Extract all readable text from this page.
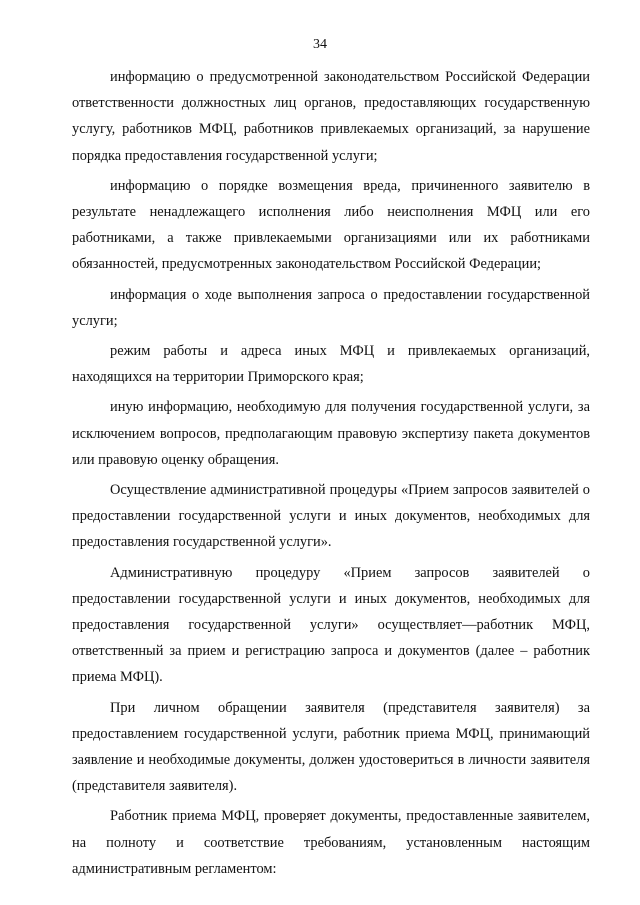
34

информацию о предусмотренной законодательством Российской Федерации ответственности должностных лиц органов, предоставляющих государственную услугу, работников МФЦ, работников привлекаемых организаций, за нарушение порядка предоставления государственной услуги;

информацию о порядке возмещения вреда, причиненного заявителю в результате ненадлежащего исполнения либо неисполнения МФЦ или его работниками, а также привлекаемыми организациями или их работниками обязанностей, предусмотренных законодательством Российской Федерации;

информация о ходе выполнения запроса о предоставлении государственной услуги;

режим работы и адреса иных МФЦ и привлекаемых организаций, находящихся на территории Приморского края;

иную информацию, необходимую для получения государственной услуги, за исключением вопросов, предполагающим правовую экспертизу пакета документов или правовую оценку обращения.

Осуществление административной процедуры «Прием запросов заявителей о предоставлении государственной услуги и иных документов, необходимых для предоставления государственной услуги».

Административную процедуру «Прием запросов заявителей о предоставлении государственной услуги и иных документов, необходимых для предоставления государственной услуги» осуществляет—работник МФЦ, ответственный за прием и регистрацию запроса и документов (далее – работник приема МФЦ).

При личном обращении заявителя (представителя заявителя) за предоставлением государственной услуги, работник приема МФЦ, принимающий заявление и необходимые документы, должен удостовериться в личности заявителя (представителя заявителя).

Работник приема МФЦ, проверяет документы, предоставленные заявителем, на полноту и соответствие требованиям, установленным настоящим административным регламентом:
